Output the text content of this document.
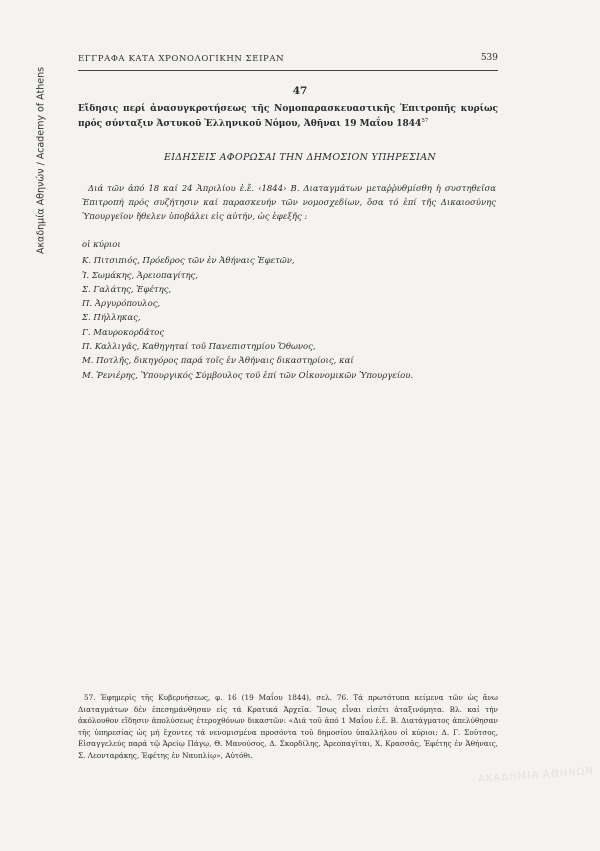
Ακαδημία Αθηνών / Academy of Athens
ΕΓΓΡΑΦΑ ΚΑΤΑ ΧΡΟΝΟΛΟΓΙΚΗΝ ΣΕΙΡΑΝ	539
47
Εἴδησις περί ἀνασυγκροτήσεως τῆς Νομοπαρασκευαστικῆς Ἐπιτροπῆς κυρίως πρός σύνταξιν Ἀστυκοῦ Ἑλληνικοῦ Νόμου, Ἀθῆναι 19 Μαΐου 1844$^{57}$
ΕΙΔΗΣΕΙΣ ΑΦΟΡΩΣΑΙ ΤΗΝ ΔΗΜΟΣΙΟΝ ΥΠΗΡΕΣΙΑΝ

Διά τῶν ἀπό 18 καί 24 Ἀπριλίου ἐ.ἔ. ‹1844› Β. Διαταγμάτων μεταῤῥυθμίσθη ἡ συστηθεῖσα Ἐπιτροπή πρός συζήτησιν καί παρασκευήν τῶν νομοσχεδίων, ὅσα τό ἐπί τῆς Δικαιοσύνης Ὑπουργεῖον ἤθελεν ὑποβάλει εἰς αὐτήν, ὡς ἑφεξῆς :

οἱ κύριοι
Κ. Πιτσιπιός, Πρόεδρος τῶν ἐν Ἀθήναις Ἐφετῶν,
Ἰ. Σωμάκης, Ἀρειοπαγίτης,
Σ. Γαλάτης, Ἐφέτης,
Π. Ἀργυρόπουλος,
Σ. Πήλληκας,
Γ. Μαυροκορδᾶτος
Π. Καλλιγᾶς, Καθηγηταί τοῦ Πανεπιστημίου Ὄθωνος,
Μ. Ποτλῆς, δικηγόρος παρά τοῖς ἐν Ἀθήναις δικαστηρίοις, καί
Μ. Ῥενιέρης, Ὑπουργικός Σύμβουλος τοῦ ἐπί τῶν Οἰκονομικῶν Ὑπουργείου.

57. Ἐφημερίς τῆς Κυβερνήσεως, φ. 16 (19 Μαΐου 1844), σελ. 76. Τά πρωτότυπα κείμενα τῶν ὡς ἄνω Διαταγμάτων δέν ἐπεσημάνθησαν εἰς τά Κρατικά Ἀρχεῖα. Ἴσως εἶναι εἰσέτι ἀταξινόμητα. Βλ. καί τήν ἀκόλουθον εἴδησιν ἀπολύσεως ἑτεροχθόνων δικαστῶν: «Διά τοῦ ἀπό 1 Μαΐου ἐ.ἔ. Β. Διατάγματος ἀπελύθησαν τῆς ὑπηρεσίας ὡς μή ἔχοντες τά νενομισμένα προσόντα τοῦ δημοσίου ὑπαλλήλου οἱ κύριοι: Δ. Γ. Σοῦτσος, Εἰσαγγελεύς παρά τῷ Ἀρείῳ Πάγῳ, Θ. Μανούσος, Δ. Σκορδίλης, Ἀρεοπαγῖται, Χ. Κρασσᾶς, Ἐφέτης ἐν Ἀθήναις, Σ. Λεονταράκης, Ἐφέτης ἐν Ναυπλίῳ», Αὐτόθι.

ΑΚΑΔΗΜΙΑ ΑΘΗΝΩΝ
